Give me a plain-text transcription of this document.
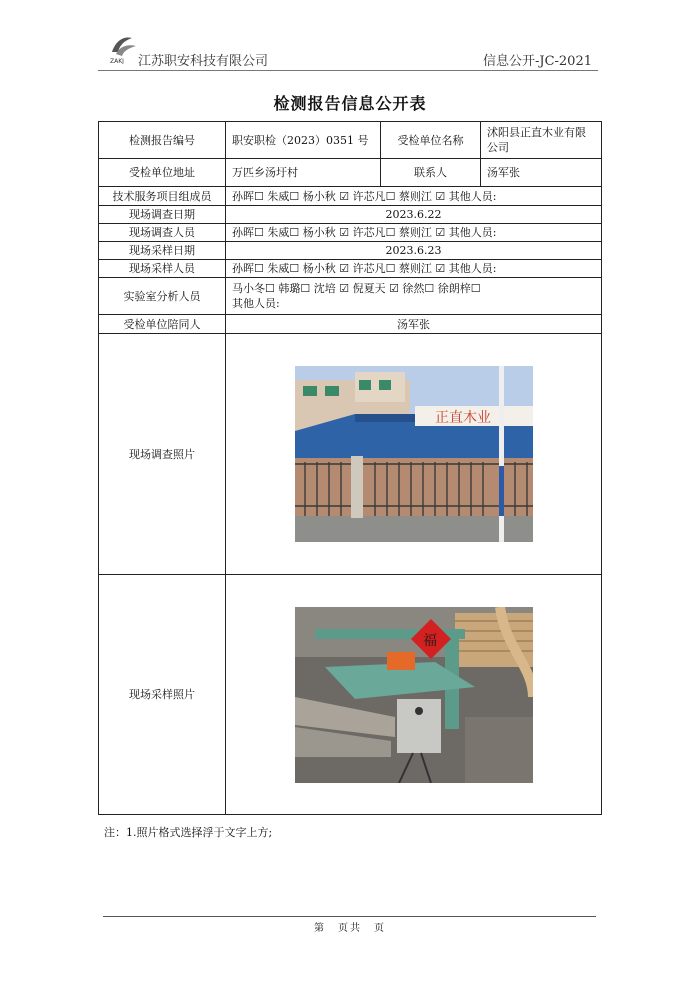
ZAKJ 江苏职安科技有限公司	信息公开-JC-2021
检测报告信息公开表
检测报告编号	职安职检（2023）0351 号	受检单位名称	沭阳县正直木业有限公司
受检单位地址	万匹乡汤圩村	联系人	汤军张
技术服务项目组成员	孙晖☐ 朱威☐ 杨小秋 ☑ 许芯凡☐ 蔡则江 ☑ 其他人员:		
现场调查日期	2023.6.22		
现场调查人员	孙晖☐ 朱威☐ 杨小秋 ☑ 许芯凡☐ 蔡则江 ☑ 其他人员:		
现场采样日期	2023.6.23		
现场采样人员	孙晖☐ 朱威☐ 杨小秋 ☑ 许芯凡☐ 蔡则江 ☑ 其他人员:		
实验室分析人员	马小冬☐ 韩璐☐ 沈培 ☑ 倪夏天 ☑ 徐然☐ 徐朗梓☐
其他人员:		

受检单位陪同人	汤军张		
现场调查照片	正直木业		

现场采样照片	福		
注：1.照片格式选择浮于文字上方;
第　页共　页
